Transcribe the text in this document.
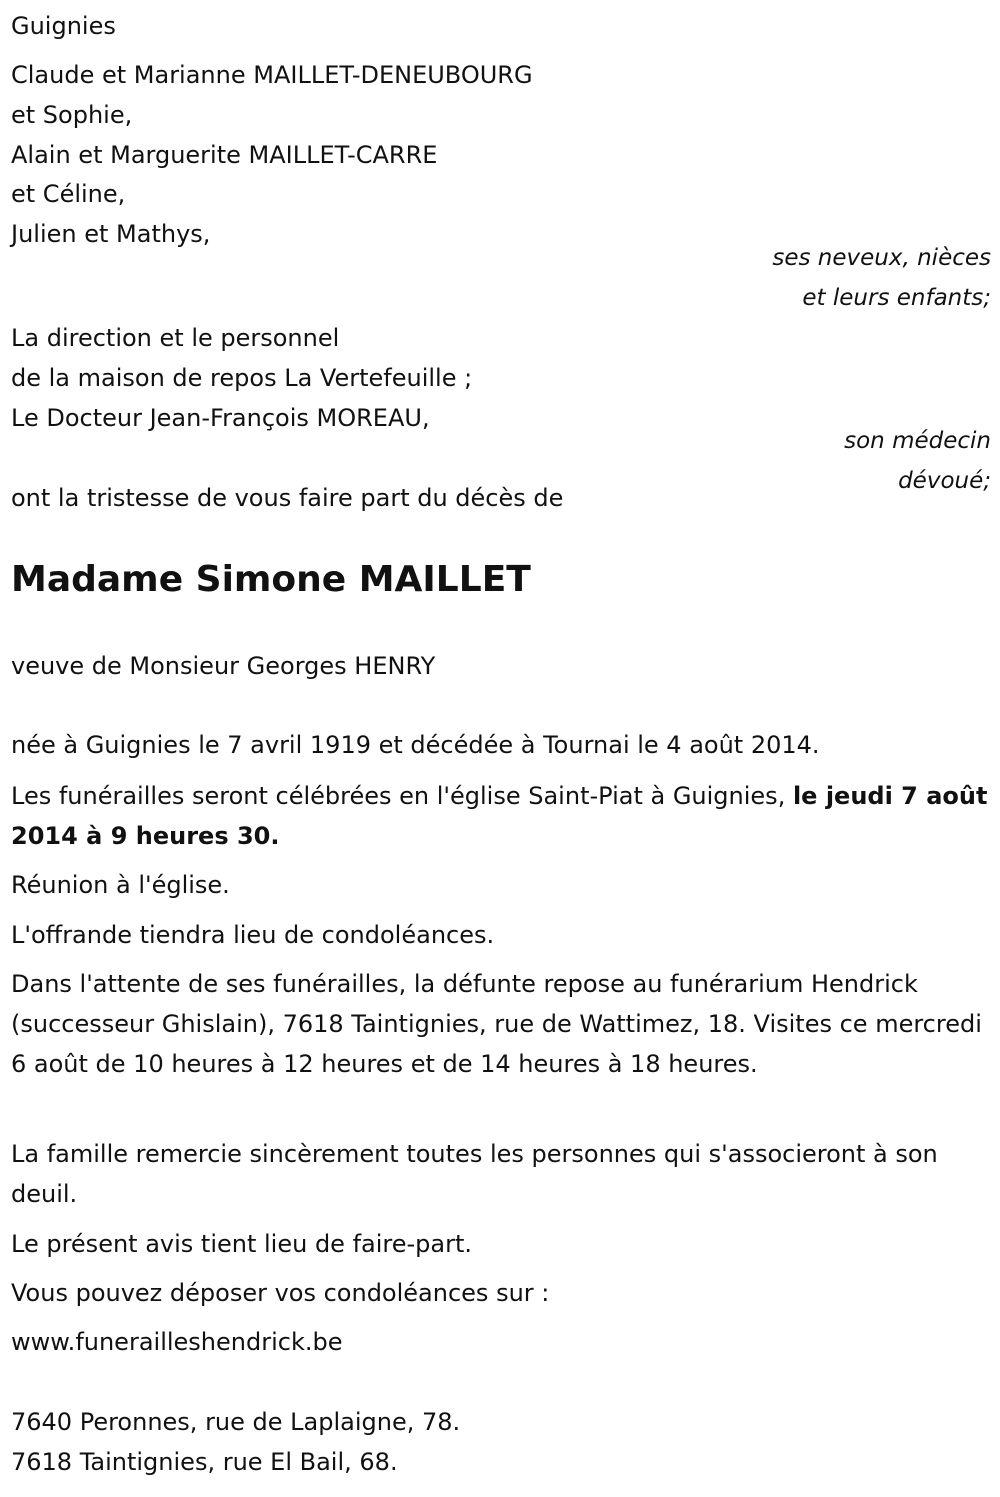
Guignies
Claude et Marianne MAILLET-DENEUBOURG
et Sophie,
Alain et Marguerite MAILLET-CARRE
et Céline,
Julien et Mathys,
ses neveux, nièces
et leurs enfants;
La direction et le personnel
de la maison de repos La Vertefeuille ;
Le Docteur Jean-François MOREAU,
son médecin
dévoué;
ont la tristesse de vous faire part du décès de
Madame Simone MAILLET
veuve de Monsieur Georges HENRY
née à Guignies le 7 avril 1919 et décédée à Tournai le 4 août 2014.
Les funérailles seront célébrées en l'église Saint-Piat à Guignies, le jeudi 7 août 2014 à 9 heures 30.
Réunion à l'église.
L'offrande tiendra lieu de condoléances.
Dans l'attente de ses funérailles, la défunte repose au funérarium Hendrick (successeur Ghislain), 7618 Taintignies, rue de Wattimez, 18. Visites ce mercredi 6 août de 10 heures à 12 heures et de 14 heures à 18 heures.
La famille remercie sincèrement toutes les personnes qui s'associeront à son deuil.
Le présent avis tient lieu de faire-part.
Vous pouvez déposer vos condoléances sur :
www.funerailleshendrick.be
7640 Peronnes, rue de Laplaigne, 78.
7618 Taintignies, rue El Bail, 68.
